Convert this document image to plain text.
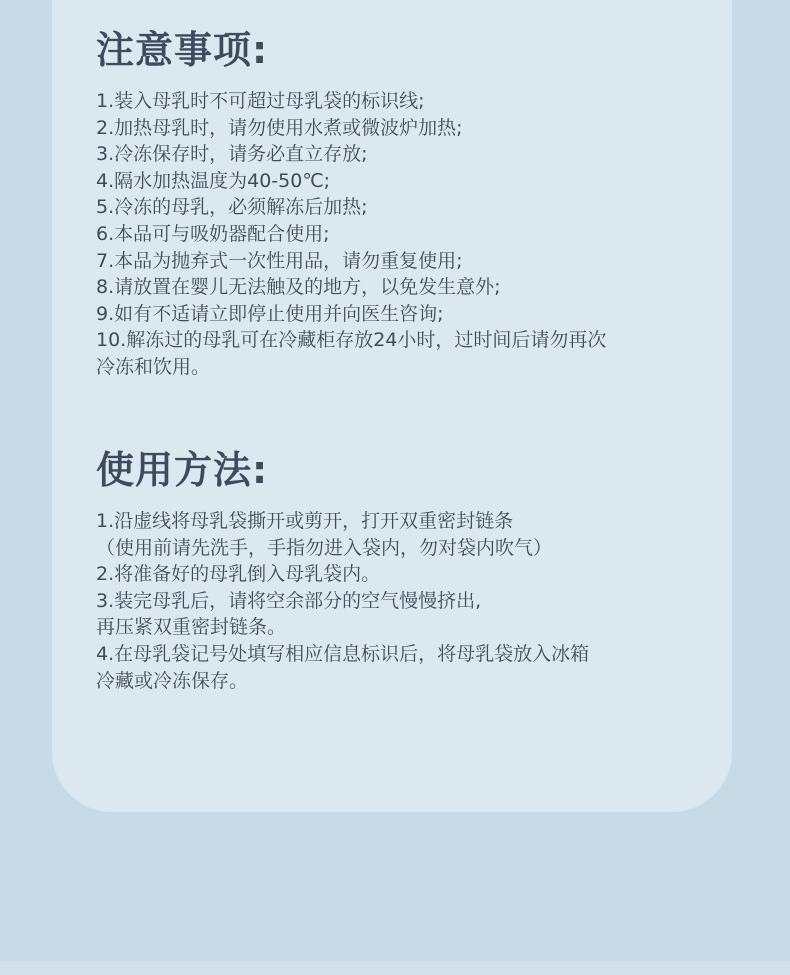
注意事项:
1.装入母乳时不可超过母乳袋的标识线;
2.加热母乳时，请勿使用水煮或微波炉加热;
3.冷冻保存时，请务必直立存放;
4.隔水加热温度为40-50℃;
5.冷冻的母乳，必须解冻后加热;
6.本品可与吸奶器配合使用;
7.本品为抛弃式一次性用品，请勿重复使用;
8.请放置在婴儿无法触及的地方，以免发生意外;
9.如有不适请立即停止使用并向医生咨询;
10.解冻过的母乳可在冷藏柜存放24小时，过时间后请勿再次
冷冻和饮用。
使用方法:
1.沿虚线将母乳袋撕开或剪开，打开双重密封链条
（使用前请先洗手，手指勿进入袋内，勿对袋内吹气）
2.将准备好的母乳倒入母乳袋内。
3.装完母乳后，请将空余部分的空气慢慢挤出,
再压紧双重密封链条。
4.在母乳袋记号处填写相应信息标识后，将母乳袋放入冰箱
冷藏或冷冻保存。
